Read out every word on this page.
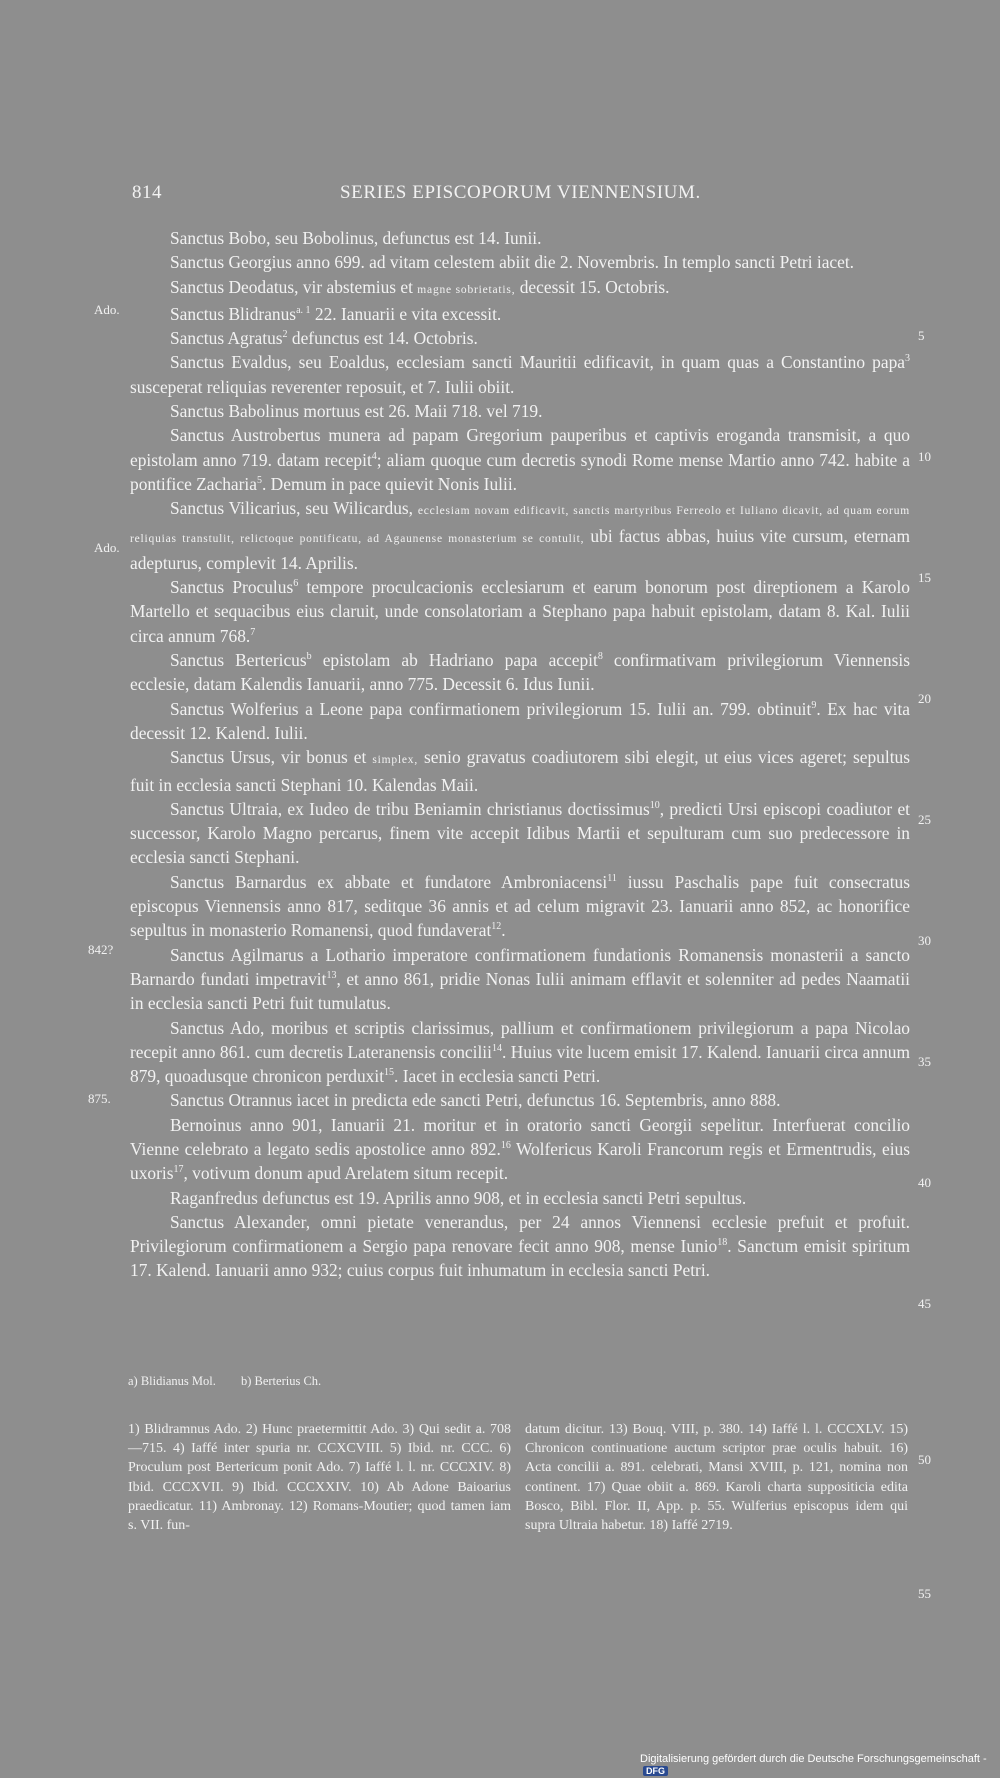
814	SERIES EPISCOPORUM VIENNENSIUM.
Ado.
Ado.
842?
875.
5
10
15
20
25
30
35
40
45
50
55

Sanctus Bobo, seu Bobolinus, defunctus est 14. Iunii.

Sanctus Georgius anno 699. ad vitam celestem abiit die 2. Novembris. In templo sancti Petri iacet.

Sanctus Deodatus, vir abstemius et magne sobrietatis, decessit 15. Octobris.

Sanctus Blidranus$^{a. 1}$ 22. Ianuarii e vita excessit.

Sanctus Agratus$^2$ defunctus est 14. Octobris.

Sanctus Evaldus, seu Eoaldus, ecclesiam sancti Mauritii edificavit, in quam quas a Constantino papa$^3$ susceperat reliquias reverenter reposuit, et 7. Iulii obiit.

Sanctus Babolinus mortuus est 26. Maii 718. vel 719.

Sanctus Austrobertus munera ad papam Gregorium pauperibus et captivis eroganda transmisit, a quo epistolam anno 719. datam recepit$^4$; aliam quoque cum decretis synodi Rome mense Martio anno 742. habite a pontifice Zacharia$^5$. Demum in pace quievit Nonis Iulii.

Sanctus Vilicarius, seu Wilicardus, ecclesiam novam edificavit, sanctis martyribus Ferreolo et Iuliano dicavit, ad quam eorum reliquias transtulit, relictoque pontificatu, ad Agaunense monasterium se contulit, ubi factus abbas, huius vite cursum, eternam adepturus, complevit 14. Aprilis.

Sanctus Proculus$^6$ tempore proculcacionis ecclesiarum et earum bonorum post direptionem a Karolo Martello et sequacibus eius claruit, unde consolatoriam a Stephano papa habuit epistolam, datam 8. Kal. Iulii circa annum 768.$^7$

Sanctus Bertericus$^b$ epistolam ab Hadriano papa accepit$^8$ confirmativam privilegiorum Viennensis ecclesie, datam Kalendis Ianuarii, anno 775. Decessit 6. Idus Iunii.

Sanctus Wolferius a Leone papa confirmationem privilegiorum 15. Iulii an. 799. obtinuit$^9$. Ex hac vita decessit 12. Kalend. Iulii.

Sanctus Ursus, vir bonus et simplex, senio gravatus coadiutorem sibi elegit, ut eius vices ageret; sepultus fuit in ecclesia sancti Stephani 10. Kalendas Maii.

Sanctus Ultraia, ex Iudeo de tribu Beniamin christianus doctissimus$^{10}$, predicti Ursi episcopi coadiutor et successor, Karolo Magno percarus, finem vite accepit Idibus Martii et sepulturam cum suo predecessore in ecclesia sancti Stephani.

Sanctus Barnardus ex abbate et fundatore Ambroniacensi$^{11}$ iussu Paschalis pape fuit consecratus episcopus Viennensis anno 817, seditque 36 annis et ad celum migravit 23. Ianuarii anno 852, ac honorifice sepultus in monasterio Romanensi, quod fundaverat$^{12}$.

Sanctus Agilmarus a Lothario imperatore confirmationem fundationis Romanensis monasterii a sancto Barnardo fundati impetravit$^{13}$, et anno 861, pridie Nonas Iulii animam efflavit et solenniter ad pedes Naamatii in ecclesia sancti Petri fuit tumulatus.

Sanctus Ado, moribus et scriptis clarissimus, pallium et confirmationem privilegiorum a papa Nicolao recepit anno 861. cum decretis Lateranensis concilii$^{14}$. Huius vite lucem emisit 17. Kalend. Ianuarii circa annum 879, quoadusque chronicon perduxit$^{15}$. Iacet in ecclesia sancti Petri.

Sanctus Otrannus iacet in predicta ede sancti Petri, defunctus 16. Septembris, anno 888.

Bernoinus anno 901, Ianuarii 21. moritur et in oratorio sancti Georgii sepelitur. Interfuerat concilio Vienne celebrato a legato sedis apostolice anno 892.16 Wolfericus Karoli Francorum regis et Ermentrudis, eius uxoris$^{17}$, votivum donum apud Arelatem situm recepit.

Raganfredus defunctus est 19. Aprilis anno 908, et in ecclesia sancti Petri sepultus.

Sanctus Alexander, omni pietate venerandus, per 24 annos Viennensi ecclesie prefuit et profuit. Privilegiorum confirmationem a Sergio papa renovare fecit anno 908, mense Iunio$^{18}$. Sanctum emisit spiritum 17. Kalend. Ianuarii anno 932; cuius corpus fuit inhumatum in ecclesia sancti Petri.

a) Blidianus Mol. b) Berterius Ch.
1) Blidramnus Ado. 2) Hunc praetermittit Ado. 3) Qui sedit a. 708—715. 4) Iaffé inter spuria nr. CCXCVIII. 5) Ibid. nr. CCC. 6) Proculum post Bertericum ponit Ado. 7) Iaffé l. l. nr. CCCXIV. 8) Ibid. CCCXVII. 9) Ibid. CCCXXIV. 10) Ab Adone Baioarius praedicatur. 11) Ambronay. 12) Romans-Moutier; quod tamen iam s. VII. fun-
datum dicitur. 13) Bouq. VIII, p. 380. 14) Iaffé l. l. CCCXLV. 15) Chronicon continuatione auctum scriptor prae oculis habuit. 16) Acta concilii a. 891. celebrati, Mansi XVIII, p. 121, nomina non continent. 17) Quae obiit a. 869. Karoli charta suppositicia edita Bosco, Bibl. Flor. II, App. p. 55. Wulferius episcopus idem qui supra Ultraia habetur. 18) Iaffé 2719.
Digitalisierung gefördert durch die Deutsche Forschungsgemeinschaft -DFG
